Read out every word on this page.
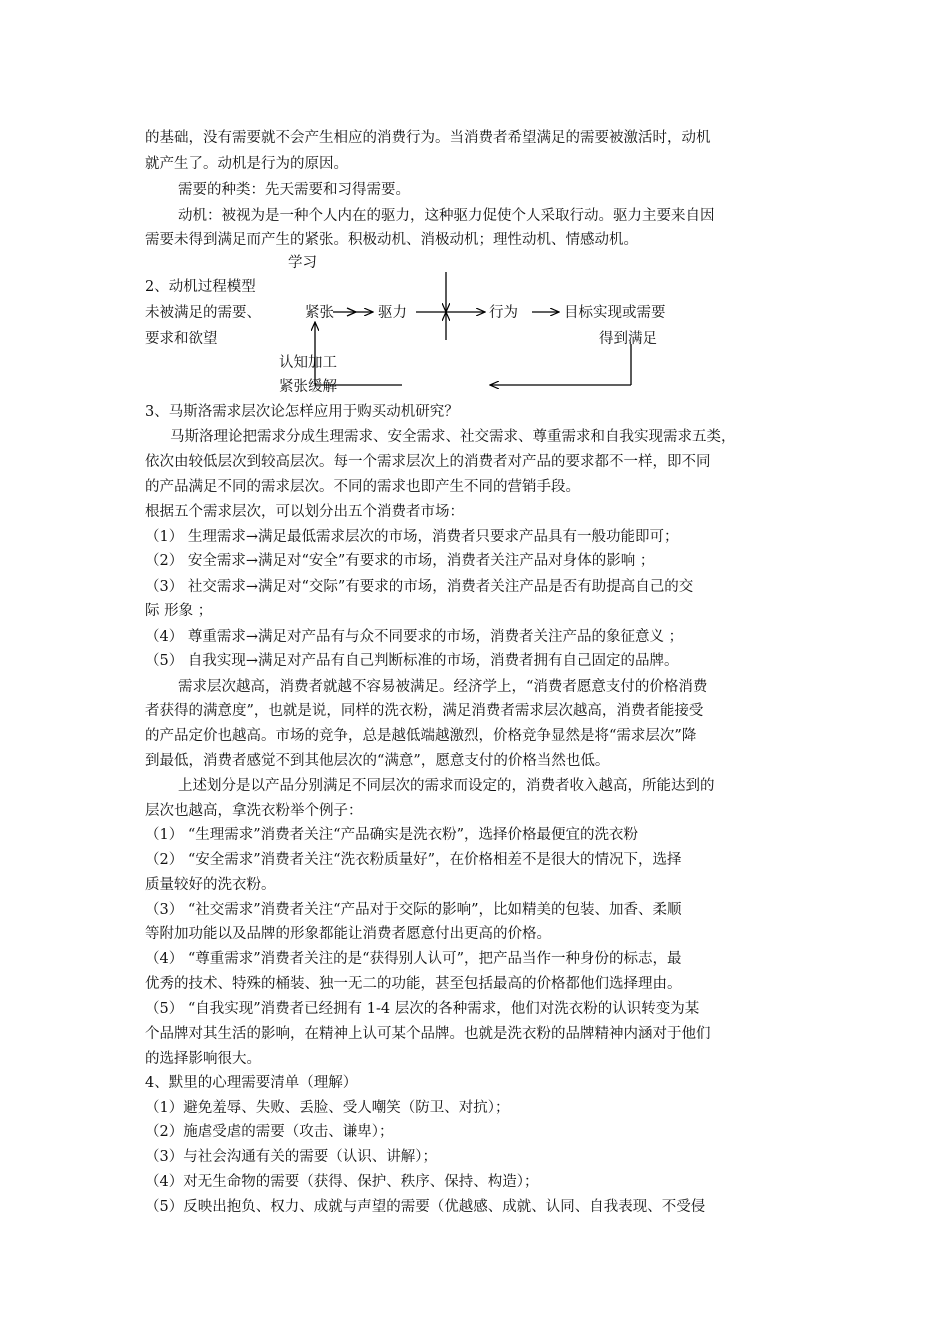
的基础，没有需要就不会产生相应的消费行为。当消费者希望满足的需要被激活时，动机
就产生了。动机是行为的原因。
需要的种类：先天需要和习得需要。
动机：被视为是一种个人内在的驱力，这种驱力促使个人采取行动。驱力主要来自因
需要未得到满足而产生的紧张。积极动机、消极动机；理性动机、情感动机。
2、动机过程模型
学习
未被满足的需要、
要求和欲望
紧张	驱力	行为	目标实现或需要
得到满足
认知加工
紧张缓解
3、马斯洛需求层次论怎样应用于购买动机研究？
马斯洛理论把需求分成生理需求、安全需求、社交需求、尊重需求和自我实现需求五类，
依次由较低层次到较高层次。每一个需求层次上的消费者对产品的要求都不一样，即不同
的产品满足不同的需求层次。不同的需求也即产生不同的营销手段。
根据五个需求层次，可以划分出五个消费者市场：
（1） 生理需求→满足最低需求层次的市场，消费者只要求产品具有一般功能即可；
（2） 安全需求→满足对“安全”有要求的市场，消费者关注产品对身体的影响 ；
（3） 社交需求→满足对“交际”有要求的市场，消费者关注产品是否有助提高自己的交
际 形象 ；
（4） 尊重需求→满足对产品有与众不同要求的市场，消费者关注产品的象征意义 ；
（5） 自我实现→满足对产品有自己判断标准的市场，消费者拥有自己固定的品牌。
需求层次越高，消费者就越不容易被满足。经济学上，“消费者愿意支付的价格消费
者获得的满意度”，也就是说，同样的洗衣粉，满足消费者需求层次越高，消费者能接受
的产品定价也越高。市场的竞争，总是越低端越激烈，价格竞争显然是将“需求层次”降
到最低，消费者感觉不到其他层次的“满意”，愿意支付的价格当然也低。
上述划分是以产品分别满足不同层次的需求而设定的，消费者收入越高，所能达到的
层次也越高，拿洗衣粉举个例子：
（1） “生理需求”消费者关注“产品确实是洗衣粉”，选择价格最便宜的洗衣粉
（2） “安全需求”消费者关注“洗衣粉质量好”，在价格相差不是很大的情况下，选择
质量较好的洗衣粉。
（3） “社交需求”消费者关注“产品对于交际的影响”，比如精美的包装、加香、柔顺
等附加功能以及品牌的形象都能让消费者愿意付出更高的价格。
（4） “尊重需求”消费者关注的是“获得别人认可”，把产品当作一种身份的标志，最
优秀的技术、特殊的桶装、独一无二的功能，甚至包括最高的价格都他们选择理由。
（5） “自我实现”消费者已经拥有 1-4 层次的各种需求，他们对洗衣粉的认识转变为某
个品牌对其生活的影响，在精神上认可某个品牌。也就是洗衣粉的品牌精神内涵对于他们
的选择影响很大。
4、默里的心理需要清单（理解）
（1）避免羞辱、失败、丢脸、受人嘲笑（防卫、对抗）；
（2）施虐受虐的需要（攻击、谦卑）；
（3）与社会沟通有关的需要（认识、讲解）；
（4）对无生命物的需要（获得、保护、秩序、保持、构造）；
（5）反映出抱负、权力、成就与声望的需要（优越感、成就、认同、自我表现、不受侵
